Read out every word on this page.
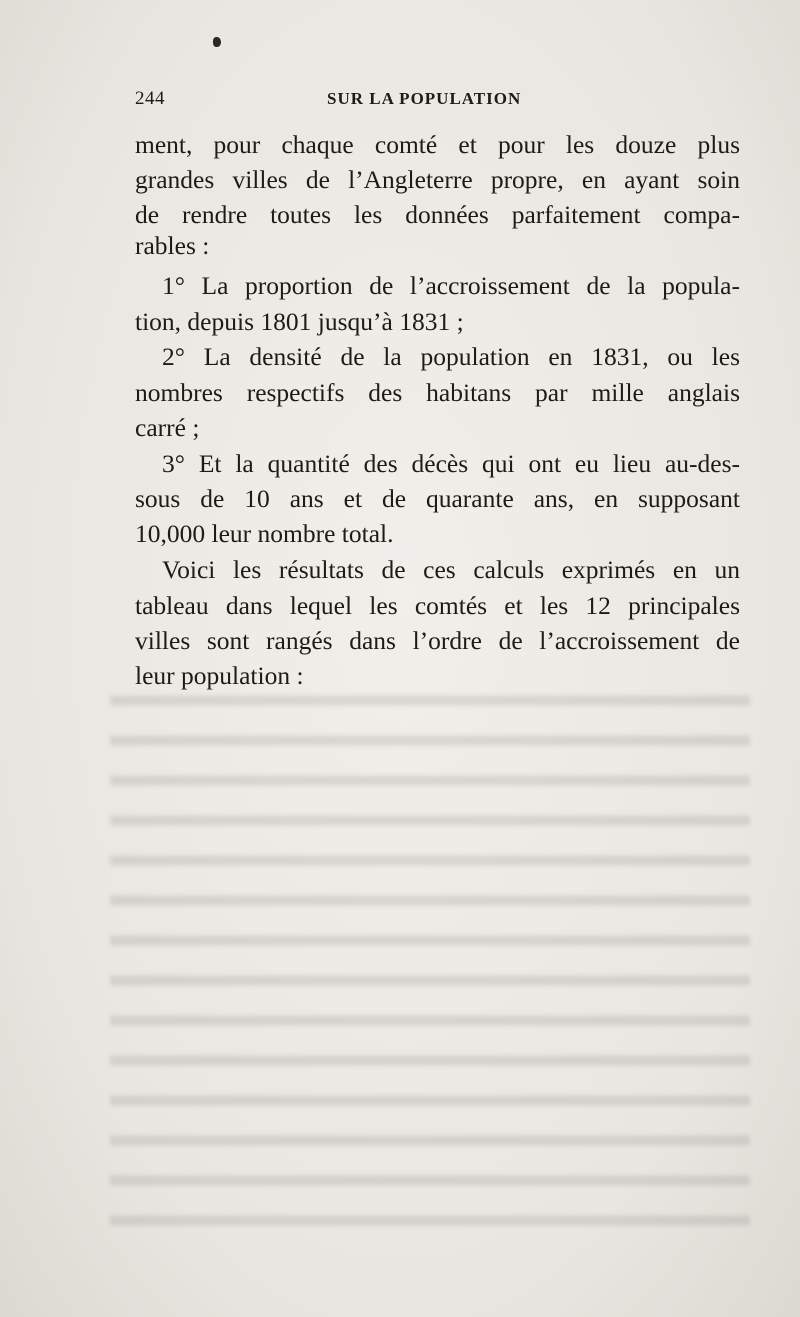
244	SUR LA POPULATION
ment, pour chaque comté et pour les douze plus
grandes villes de l’Angleterre propre, en ayant soin
de rendre toutes les données parfaitement compa-
rables :
1° La proportion de l’accroissement de la popula-
tion, depuis 1801 jusqu’à 1831 ;
2° La densité de la population en 1831, ou les
nombres respectifs des habitans par mille anglais
carré ;
3° Et la quantité des décès qui ont eu lieu au-des-
sous de 10 ans et de quarante ans, en supposant
10,000 leur nombre total.
Voici les résultats de ces calculs exprimés en un
tableau dans lequel les comtés et les 12 principales
villes sont rangés dans l’ordre de l’accroissement de
leur population :
